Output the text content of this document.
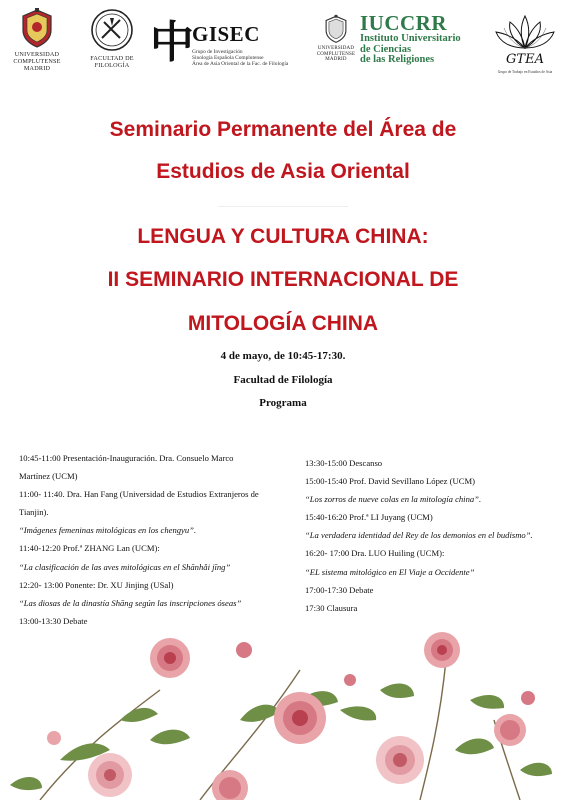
UNIVERSIDAD
COMPLUTENSE
MADRID
FACULTAD DE
FILOLOGÍA 中
GISEC
Grupo de Investigación
Sinología Española Complutense
Área de Asia Oriental de la Fac. de Filología
UNIVERSIDAD
COMPLUTENSE
MADRID
IUCCRR
Instituto Universitario
de Ciencias
de las Religiones	GTEA
Grupo de Trabajo en Estudios de Asia
Seminario Permanente del Área de
Estudios de Asia Oriental
LENGUA Y CULTURA CHINA:
II SEMINARIO INTERNACIONAL DE
MITOLOGÍA CHINA
4 de mayo, de 10:45-17:30.
Facultad de Filología
Programa
10:45-11:00 Presentación-Inauguración. Dra. Consuelo Marco
Martínez (UCM)
11:00- 11:40. Dra. Han Fang (Universidad de Estudios Extranjeros de
Tianjin).
“Imágenes femeninas mitológicas en los chengyu”.
11:40-12:20 Prof.ª ZHANG Lan (UCM):
“La clasificación de las aves mitológicas en el Shānhǎi jīng”
12:20- 13:00 Ponente: Dr. XU Jinjing (USal)
“Las diosas de la dinastía Shāng según las inscripciones óseas”
13:00-13:30 Debate
13:30-15:00 Descanso
15:00-15:40 Prof. David Sevillano López (UCM)
“Los zorros de nueve colas en la mitología china”.
15:40-16:20 Prof.ª LI Juyang (UCM)
“La verdadera identidad del Rey de los demonios en el budismo”.
16:20- 17:00 Dra. LUO Huiling (UCM):
“EL sistema mitológico en El Viaje a Occidente”
17:00-17:30 Debate
17:30 Clausura
